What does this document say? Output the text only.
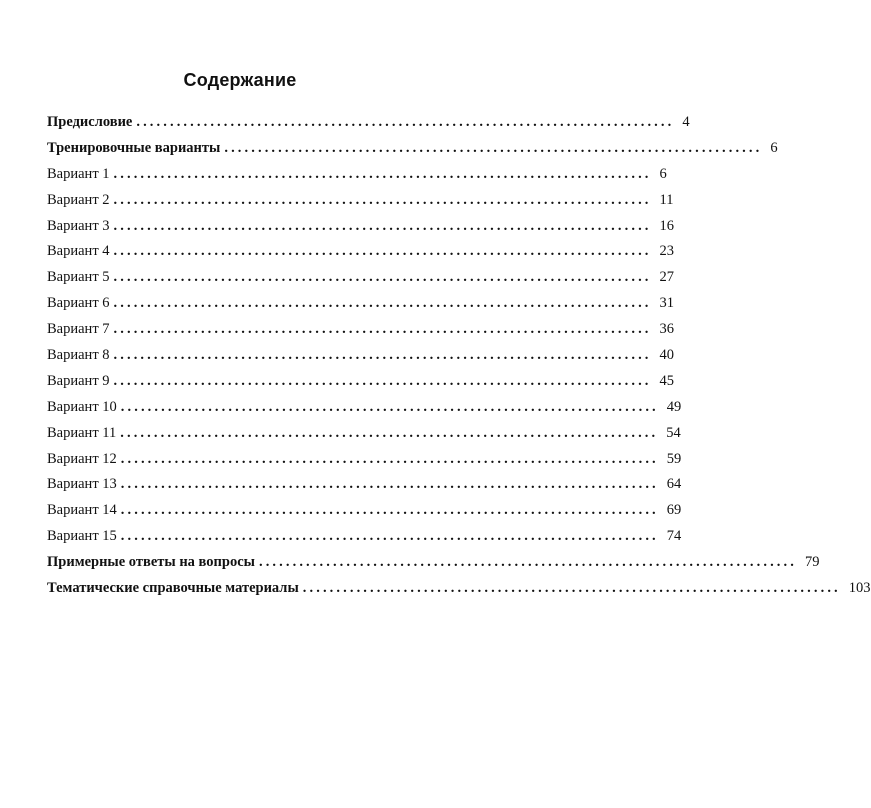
Содержание
Предисловие ................................................................................ 4
Тренировочные варианты ................................................................................ 6
Вариант 1 ................................................................................ 6
Вариант 2 ................................................................................ 11
Вариант 3 ................................................................................ 16
Вариант 4 ................................................................................ 23
Вариант 5 ................................................................................ 27
Вариант 6 ................................................................................ 31
Вариант 7 ................................................................................ 36
Вариант 8 ................................................................................ 40
Вариант 9 ................................................................................ 45
Вариант 10 ................................................................................ 49
Вариант 11 ................................................................................ 54
Вариант 12 ................................................................................ 59
Вариант 13 ................................................................................ 64
Вариант 14 ................................................................................ 69
Вариант 15 ................................................................................ 74
Примерные ответы на вопросы ................................................................................ 79
Тематические справочные материалы ................................................................................ 103
